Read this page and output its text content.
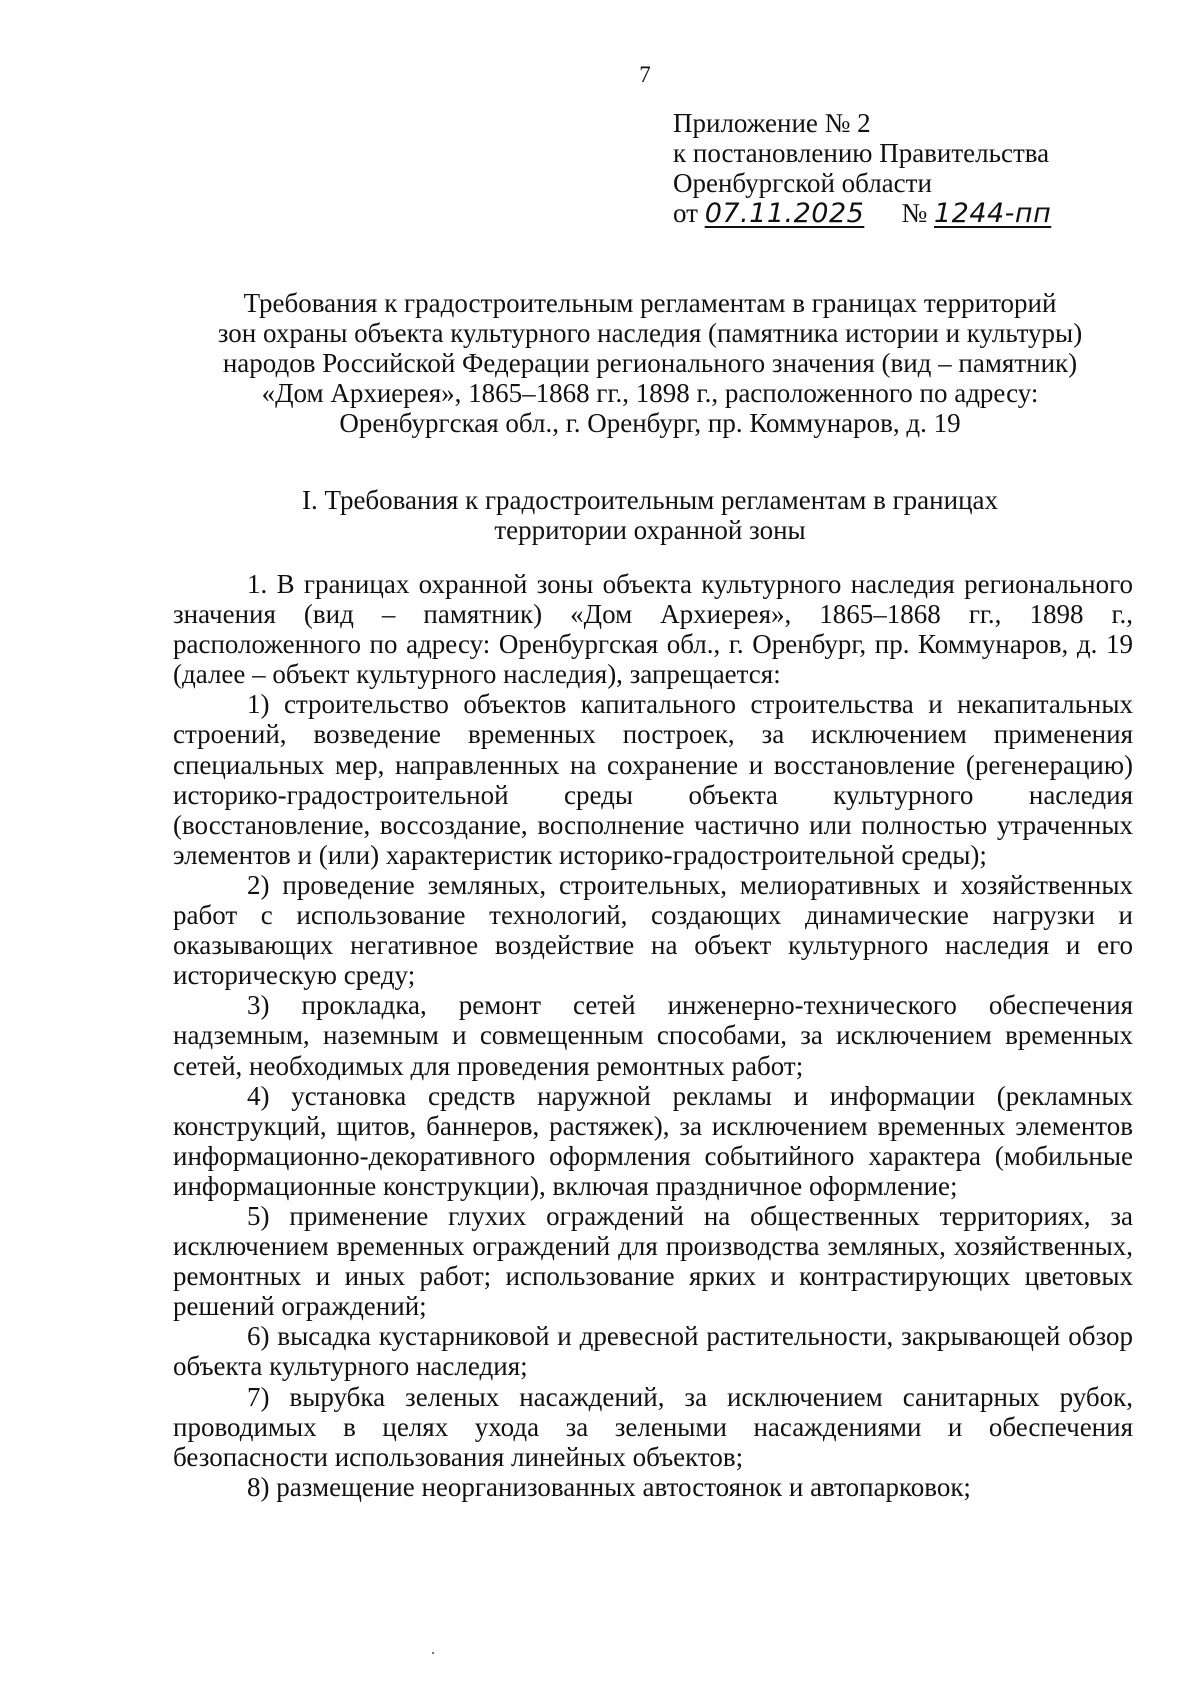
7
Приложение № 2
к постановлению Правительства
Оренбургской области
от 07.11.2025 № 1244-пп
Требования к градостроительным регламентам в границах территорий
зон охраны объекта культурного наследия (памятника истории и культуры)
народов Российской Федерации регионального значения (вид – памятник)
«Дом Архиерея», 1865–1868 гг., 1898 г., расположенного по адресу:
Оренбургская обл., г. Оренбург, пр. Коммунаров, д. 19
I. Требования к градостроительным регламентам в границах
территории охранной зоны

1. В границах охранной зоны объекта культурного наследия регионального значения (вид – памятник) «Дом Архиерея», 1865–1868 гг., 1898 г., расположенного по адресу: Оренбургская обл., г. Оренбург, пр. Коммунаров, д. 19 (далее – объект культурного наследия), запрещается:

1) строительство объектов капитального строительства и некапитальных строений, возведение временных построек, за исключением применения специальных мер, направленных на сохранение и восстановление (регенерацию) историко-градостроительной среды объекта культурного наследия (восстановление, воссоздание, восполнение частично или полностью утраченных элементов и (или) характеристик историко-градостроительной среды);

2) проведение земляных, строительных, мелиоративных и хозяйственных работ с использование технологий, создающих динамические нагрузки и оказывающих негативное воздействие на объект культурного наследия и его историческую среду;

3) прокладка, ремонт сетей инженерно-технического обеспечения надземным, наземным и совмещенным способами, за исключением временных сетей, необходимых для проведения ремонтных работ;

4) установка средств наружной рекламы и информации (рекламных конструкций, щитов, баннеров, растяжек), за исключением временных элементов информационно-декоративного оформления событийного характера (мобильные информационные конструкции), включая праздничное оформление;

5) применение глухих ограждений на общественных территориях, за исключением временных ограждений для производства земляных, хозяйственных, ремонтных и иных работ; использование ярких и контрастирующих цветовых решений ограждений;

6) высадка кустарниковой и древесной растительности, закрывающей обзор объекта культурного наследия;

7) вырубка зеленых насаждений, за исключением санитарных рубок, проводимых в целях ухода за зелеными насаждениями и обеспечения безопасности использования линейных объектов;

8) размещение неорганизованных автостоянок и автопарковок;
